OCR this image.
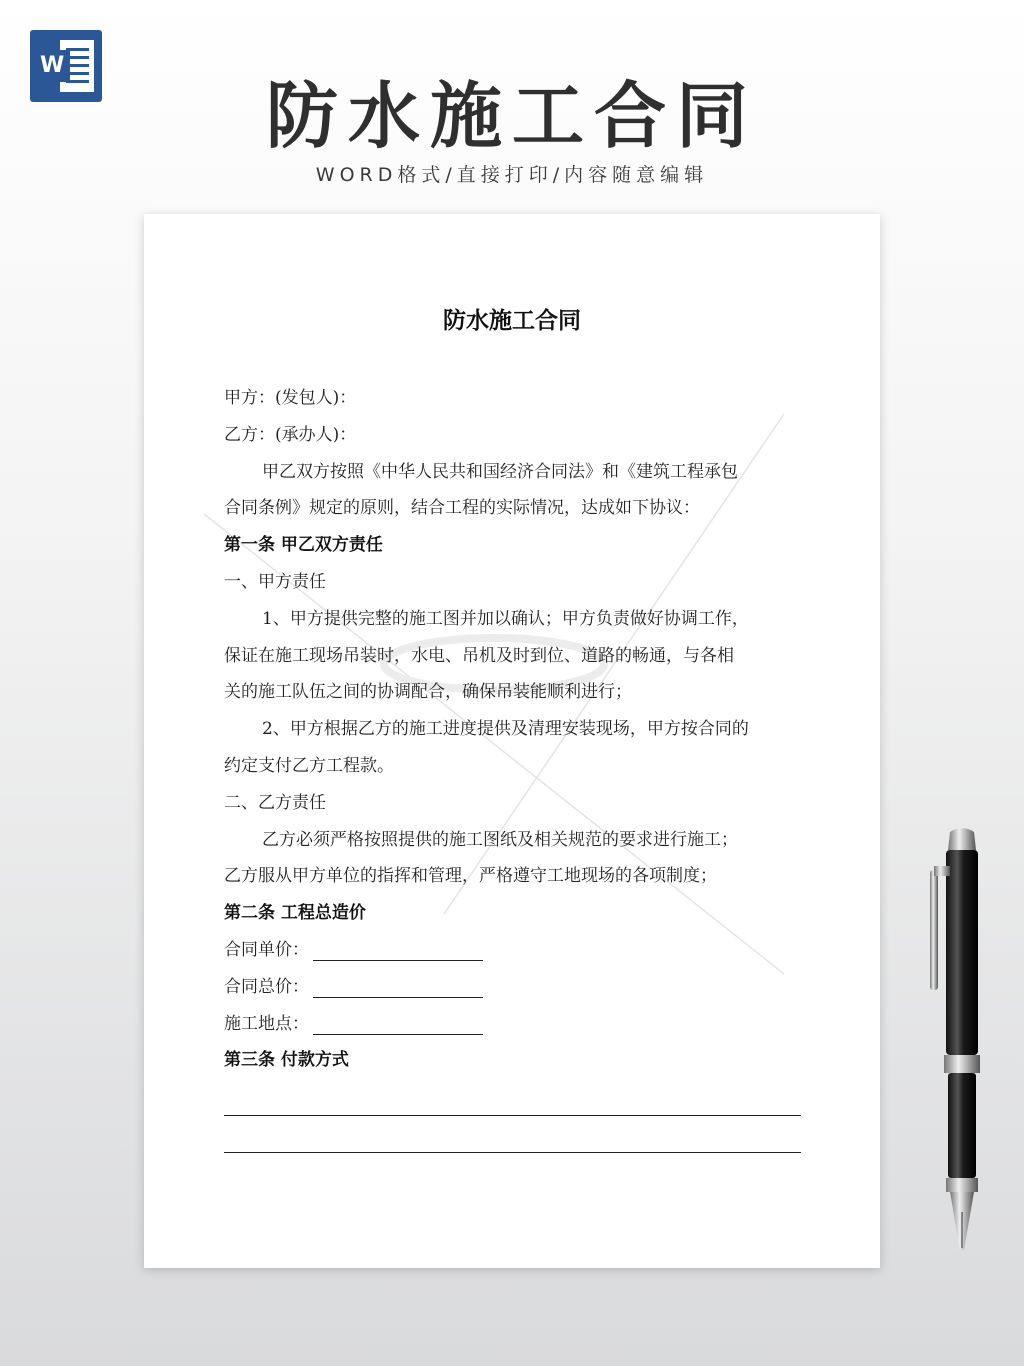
W
防水施工合同
WORD格式/直接打印/内容随意编辑
防水施工合同
甲方：(发包人)：
乙方：(承办人)：
甲乙双方按照《中华人民共和国经济合同法》和《建筑工程承包
合同条例》规定的原则，结合工程的实际情况，达成如下协议：
第一条 甲乙双方责任
一、甲方责任
1、甲方提供完整的施工图并加以确认；甲方负责做好协调工作，
保证在施工现场吊装时，水电、吊机及时到位、道路的畅通，与各相
关的施工队伍之间的协调配合，确保吊装能顺利进行；
2、甲方根据乙方的施工进度提供及清理安装现场，甲方按合同的
约定支付乙方工程款。
二、乙方责任
乙方必须严格按照提供的施工图纸及相关规范的要求进行施工；
乙方服从甲方单位的指挥和管理，严格遵守工地现场的各项制度；
第二条 工程总造价
合同单价：
合同总价：
施工地点：
第三条 付款方式
